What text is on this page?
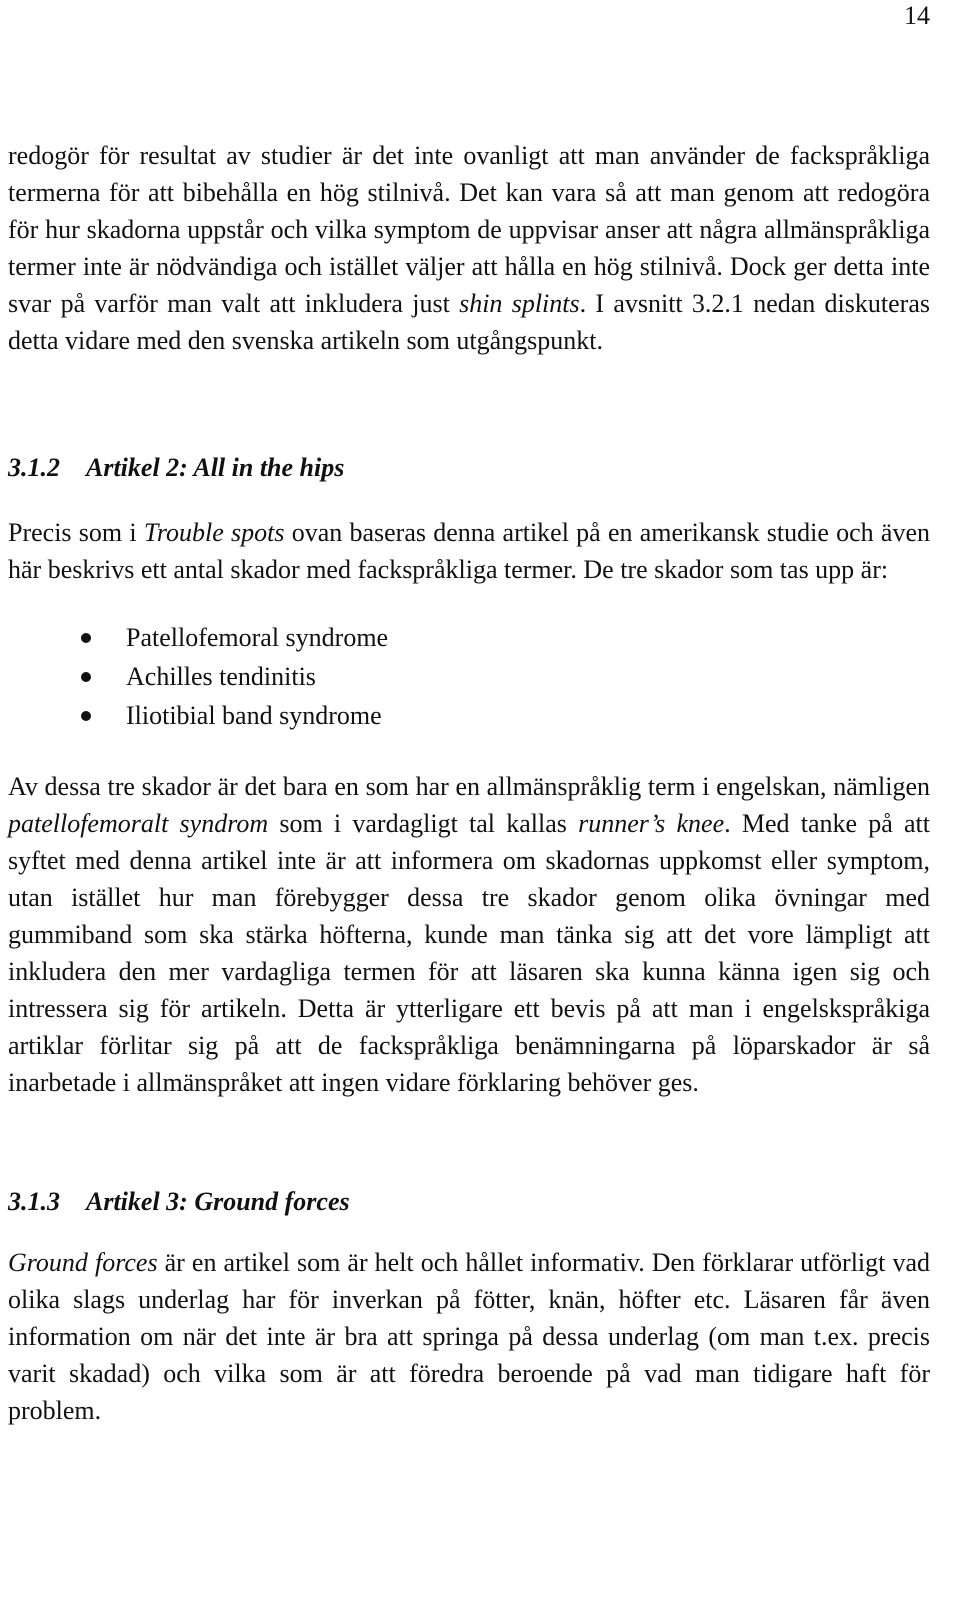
14

redogör för resultat av studier är det inte ovanligt att man använder de fackspråkliga termerna för att bibehålla en hög stilnivå. Det kan vara så att man genom att redogöra för hur skadorna uppstår och vilka symptom de uppvisar anser att några allmänspråkliga termer inte är nödvändiga och istället väljer att hålla en hög stilnivå. Dock ger detta inte svar på varför man valt att inkludera just shin splints. I avsnitt 3.2.1 nedan diskuteras detta vidare med den svenska artikeln som utgångspunkt.

3.1.2 Artikel 2: All in the hips

Precis som i Trouble spots ovan baseras denna artikel på en amerikansk studie och även här beskrivs ett antal skador med fackspråkliga termer. De tre skador som tas upp är:

Patellofemoral syndrome
Achilles tendinitis
Iliotibial band syndrome

Av dessa tre skador är det bara en som har en allmänspråklig term i engelskan, nämligen patellofemoralt syndrom som i vardagligt tal kallas runner’s knee. Med tanke på att syftet med denna artikel inte är att informera om skadornas uppkomst eller symptom, utan istället hur man förebygger dessa tre skador genom olika övningar med gummiband som ska stärka höfterna, kunde man tänka sig att det vore lämpligt att inkludera den mer vardagliga termen för att läsaren ska kunna känna igen sig och intressera sig för artikeln. Detta är ytterligare ett bevis på att man i engelskspråkiga artiklar förlitar sig på att de fackspråkliga benämningarna på löparskador är så inarbetade i allmänspråket att ingen vidare förklaring behöver ges.

3.1.3 Artikel 3: Ground forces

Ground forces är en artikel som är helt och hållet informativ. Den förklarar utförligt vad olika slags underlag har för inverkan på fötter, knän, höfter etc. Läsaren får även information om när det inte är bra att springa på dessa underlag (om man t.ex. precis varit skadad) och vilka som är att föredra beroende på vad man tidigare haft för problem.
